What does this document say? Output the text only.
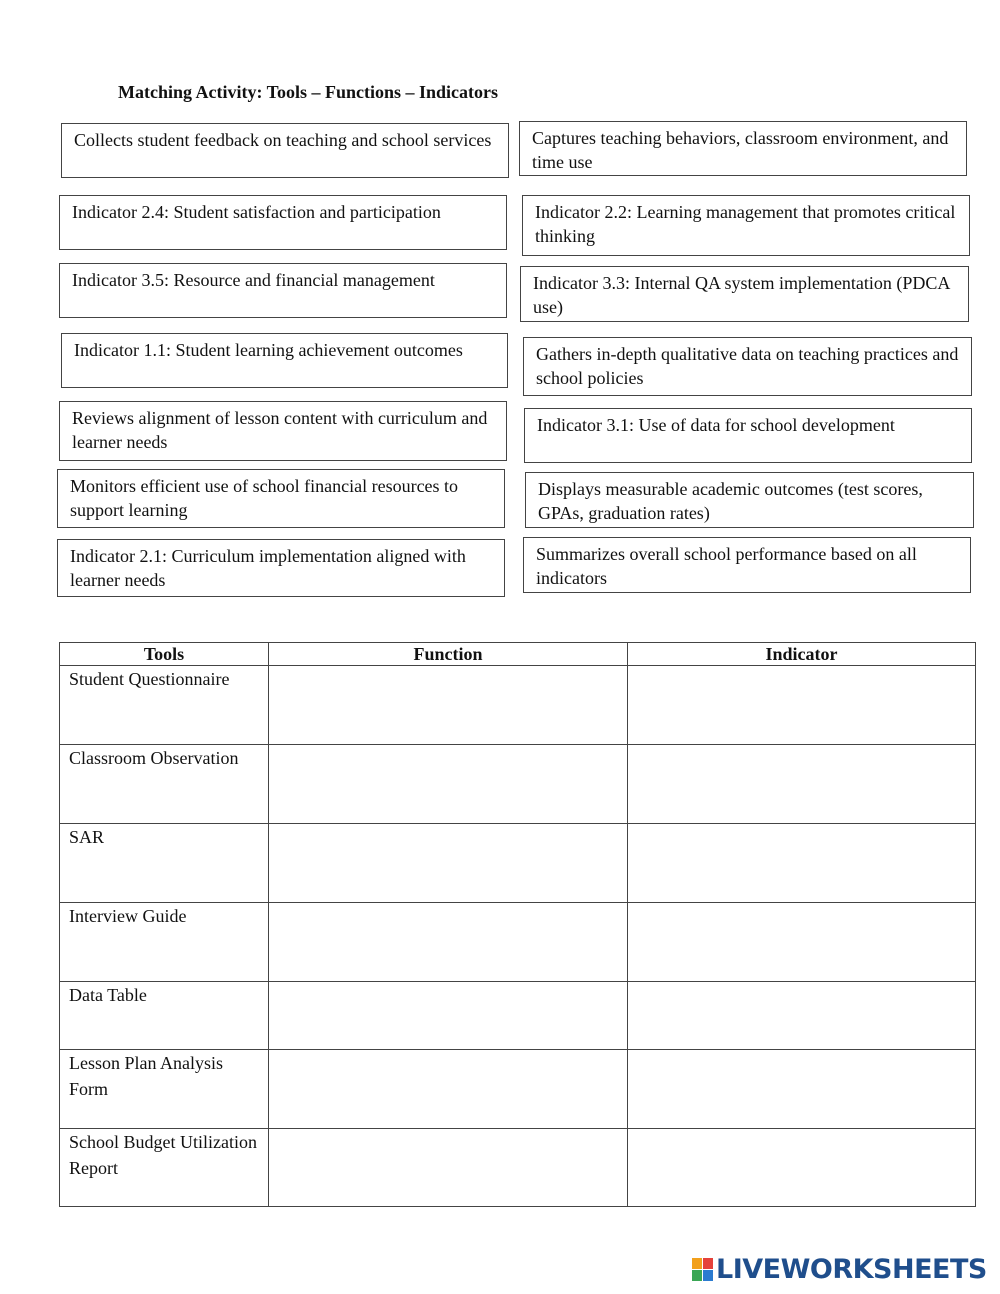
Matching Activity: Tools – Functions – Indicators
Collects student feedback on teaching and school services	Captures teaching behaviors, classroom environment, and time use
Indicator 2.4: Student satisfaction and participation	Indicator 2.2: Learning management that promotes critical thinking
Indicator 3.5: Resource and financial management	Indicator 3.3: Internal QA system implementation (PDCA use)
Indicator 1.1: Student learning achievement outcomes	Gathers in-depth qualitative data on teaching practices and school policies
Reviews alignment of lesson content with curriculum and learner needs
Indicator 3.1: Use of data for school development
Monitors efficient use of school financial resources to support learning
Displays measurable academic outcomes (test scores, GPAs, graduation rates)
Indicator 2.1: Curriculum implementation aligned with learner needs
Summarizes overall school performance based on all indicators
Tools	Function	Indicator
Student Questionnaire		
Classroom Observation		
SAR		
Interview Guide		
Data Table		
Lesson Plan Analysis Form		
School Budget Utilization Report		
LIVEWORKSHEETS
